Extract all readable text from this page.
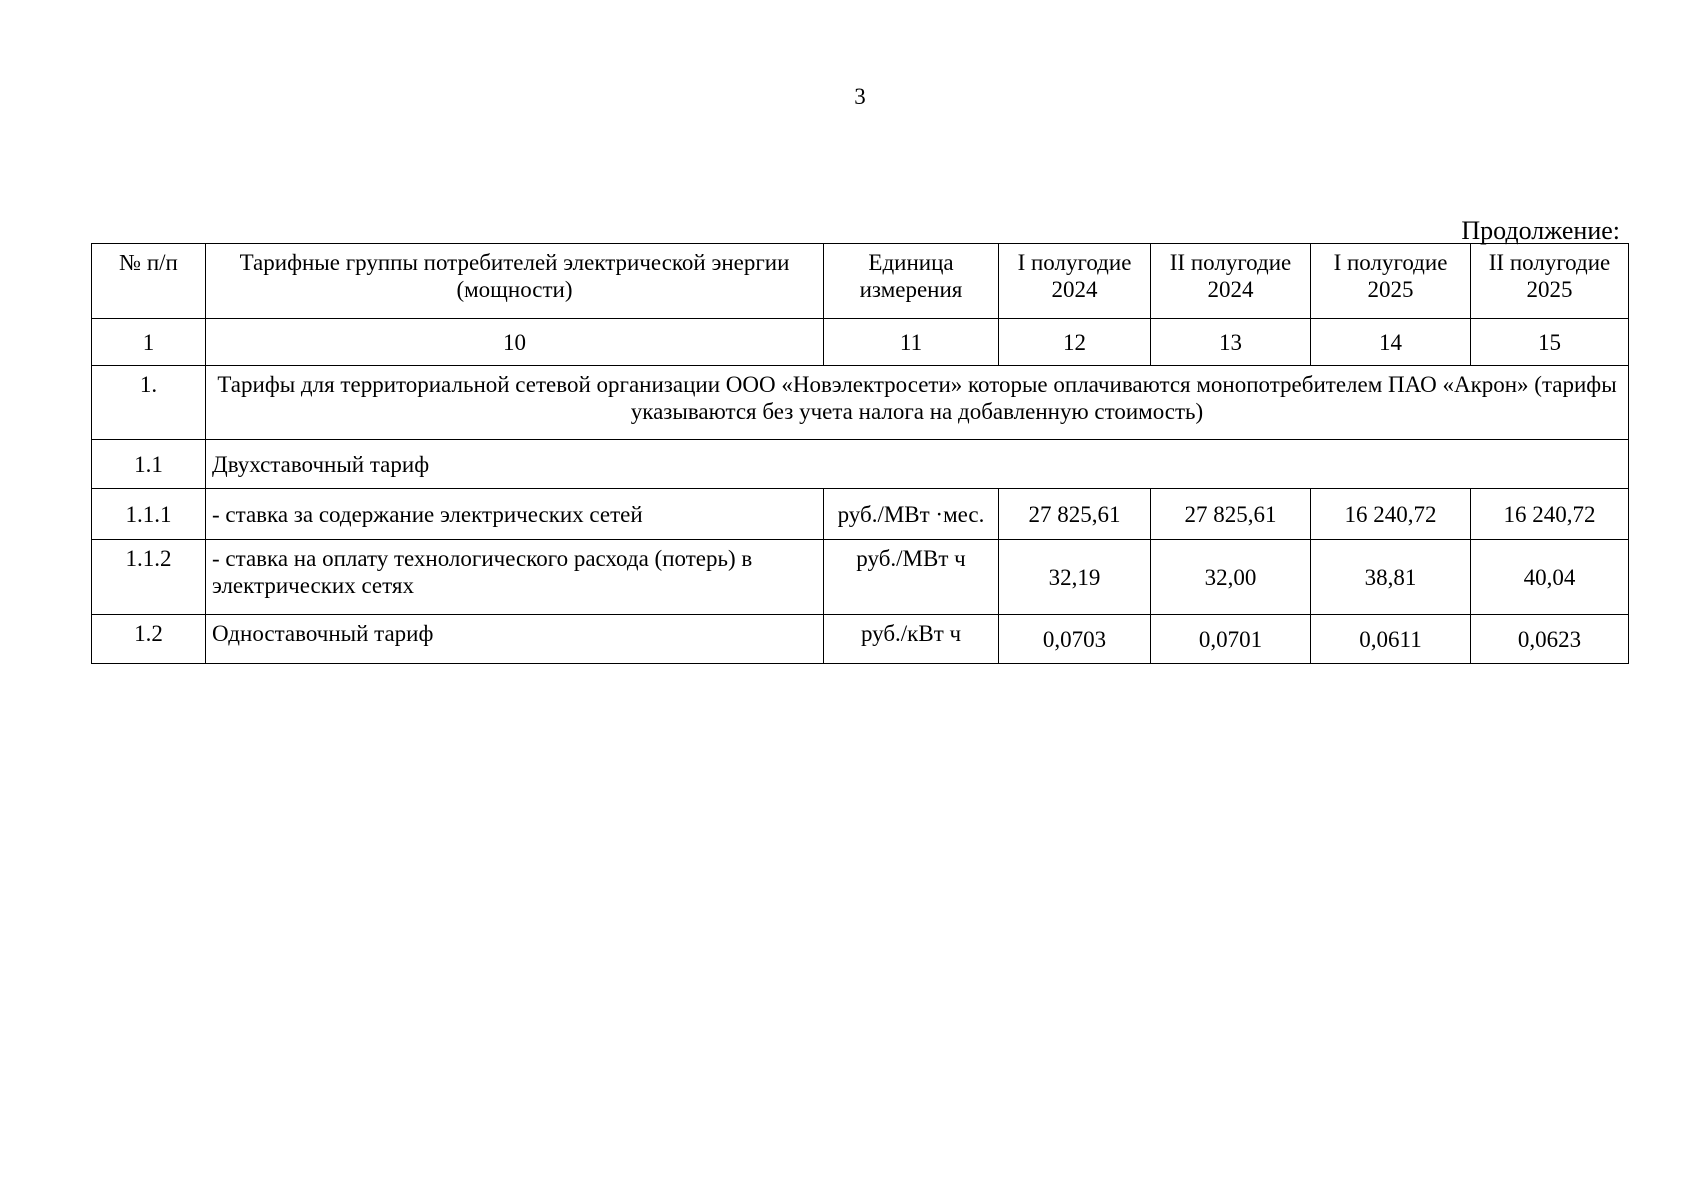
3
Продолжение:
№ п/п	Тарифные группы потребителей электрической энергии (мощности)	Единица измерения	I полугодие 2024	II полугодие 2024	I полугодие 2025	II полугодие 2025
1	10	11	12	13	14	15
1.	Тарифы для территориальной сетевой организации ООО «Новэлектросети» которые оплачиваются монопотребителем ПАО «Акрон» (тарифы указываются без учета налога на добавленную стоимость)					
1.1	Двухставочный тариф					
1.1.1	- ставка за содержание электрических сетей	руб./МВт ·мес.	27 825,61	27 825,61	16 240,72	16 240,72
1.1.2	- ставка на оплату технологического расхода (потерь) в электрических сетях	руб./МВт ч	32,19	32,00	38,81	40,04
1.2	Одноставочный тариф	руб./кВт ч	0,0703	0,0701	0,0611	0,0623
